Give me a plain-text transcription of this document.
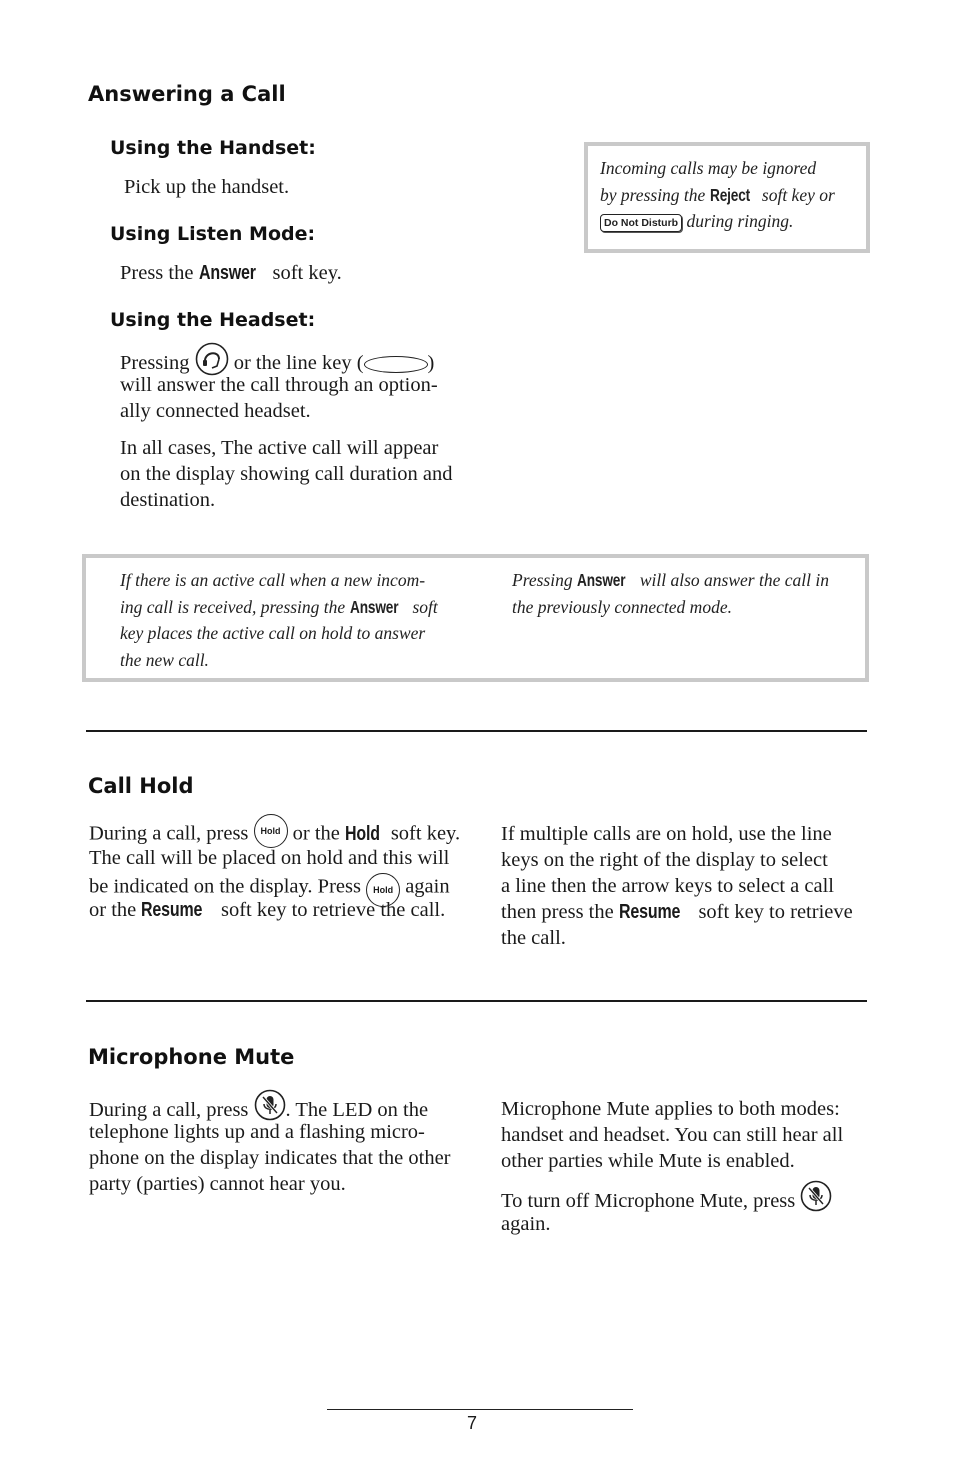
Answering a Call
Using the Handset:
Pick up the handset.
Using Listen Mode:
Press the Answer soft key.
Using the Headset:
Pressing  or the line key (	)
will answer the call through an option-
ally connected headset.
In all cases, The active call will appear
on the display showing call duration and
destination.
Incoming calls may be ignored
by pressing the Reject soft key or
Do Not Disturb during ringing.
If there is an active call when a new incom-
ing call is received, pressing the Answer soft
key places the active call on hold to answer
the new call.
Pressing Answer will also answer the call in
the previously connected mode.
Call Hold
During a call, press Hold or the Hold soft key.
The call will be placed on hold and this will
be indicated on the display. Press Hold again
or the Resume soft key to retrieve the call.
If multiple calls are on hold, use the line
keys on the right of the display to select
a line then the arrow keys to select a call
then press the Resume soft key to retrieve
the call.
Microphone Mute
During a call, press . The LED on the
telephone lights up and a flashing micro-
phone on the display indicates that the other
party (parties) cannot hear you.
Microphone Mute applies to both modes:
handset and headset. You can still hear all
other parties while Mute is enabled.
To turn off Microphone Mute, press
again.
7
